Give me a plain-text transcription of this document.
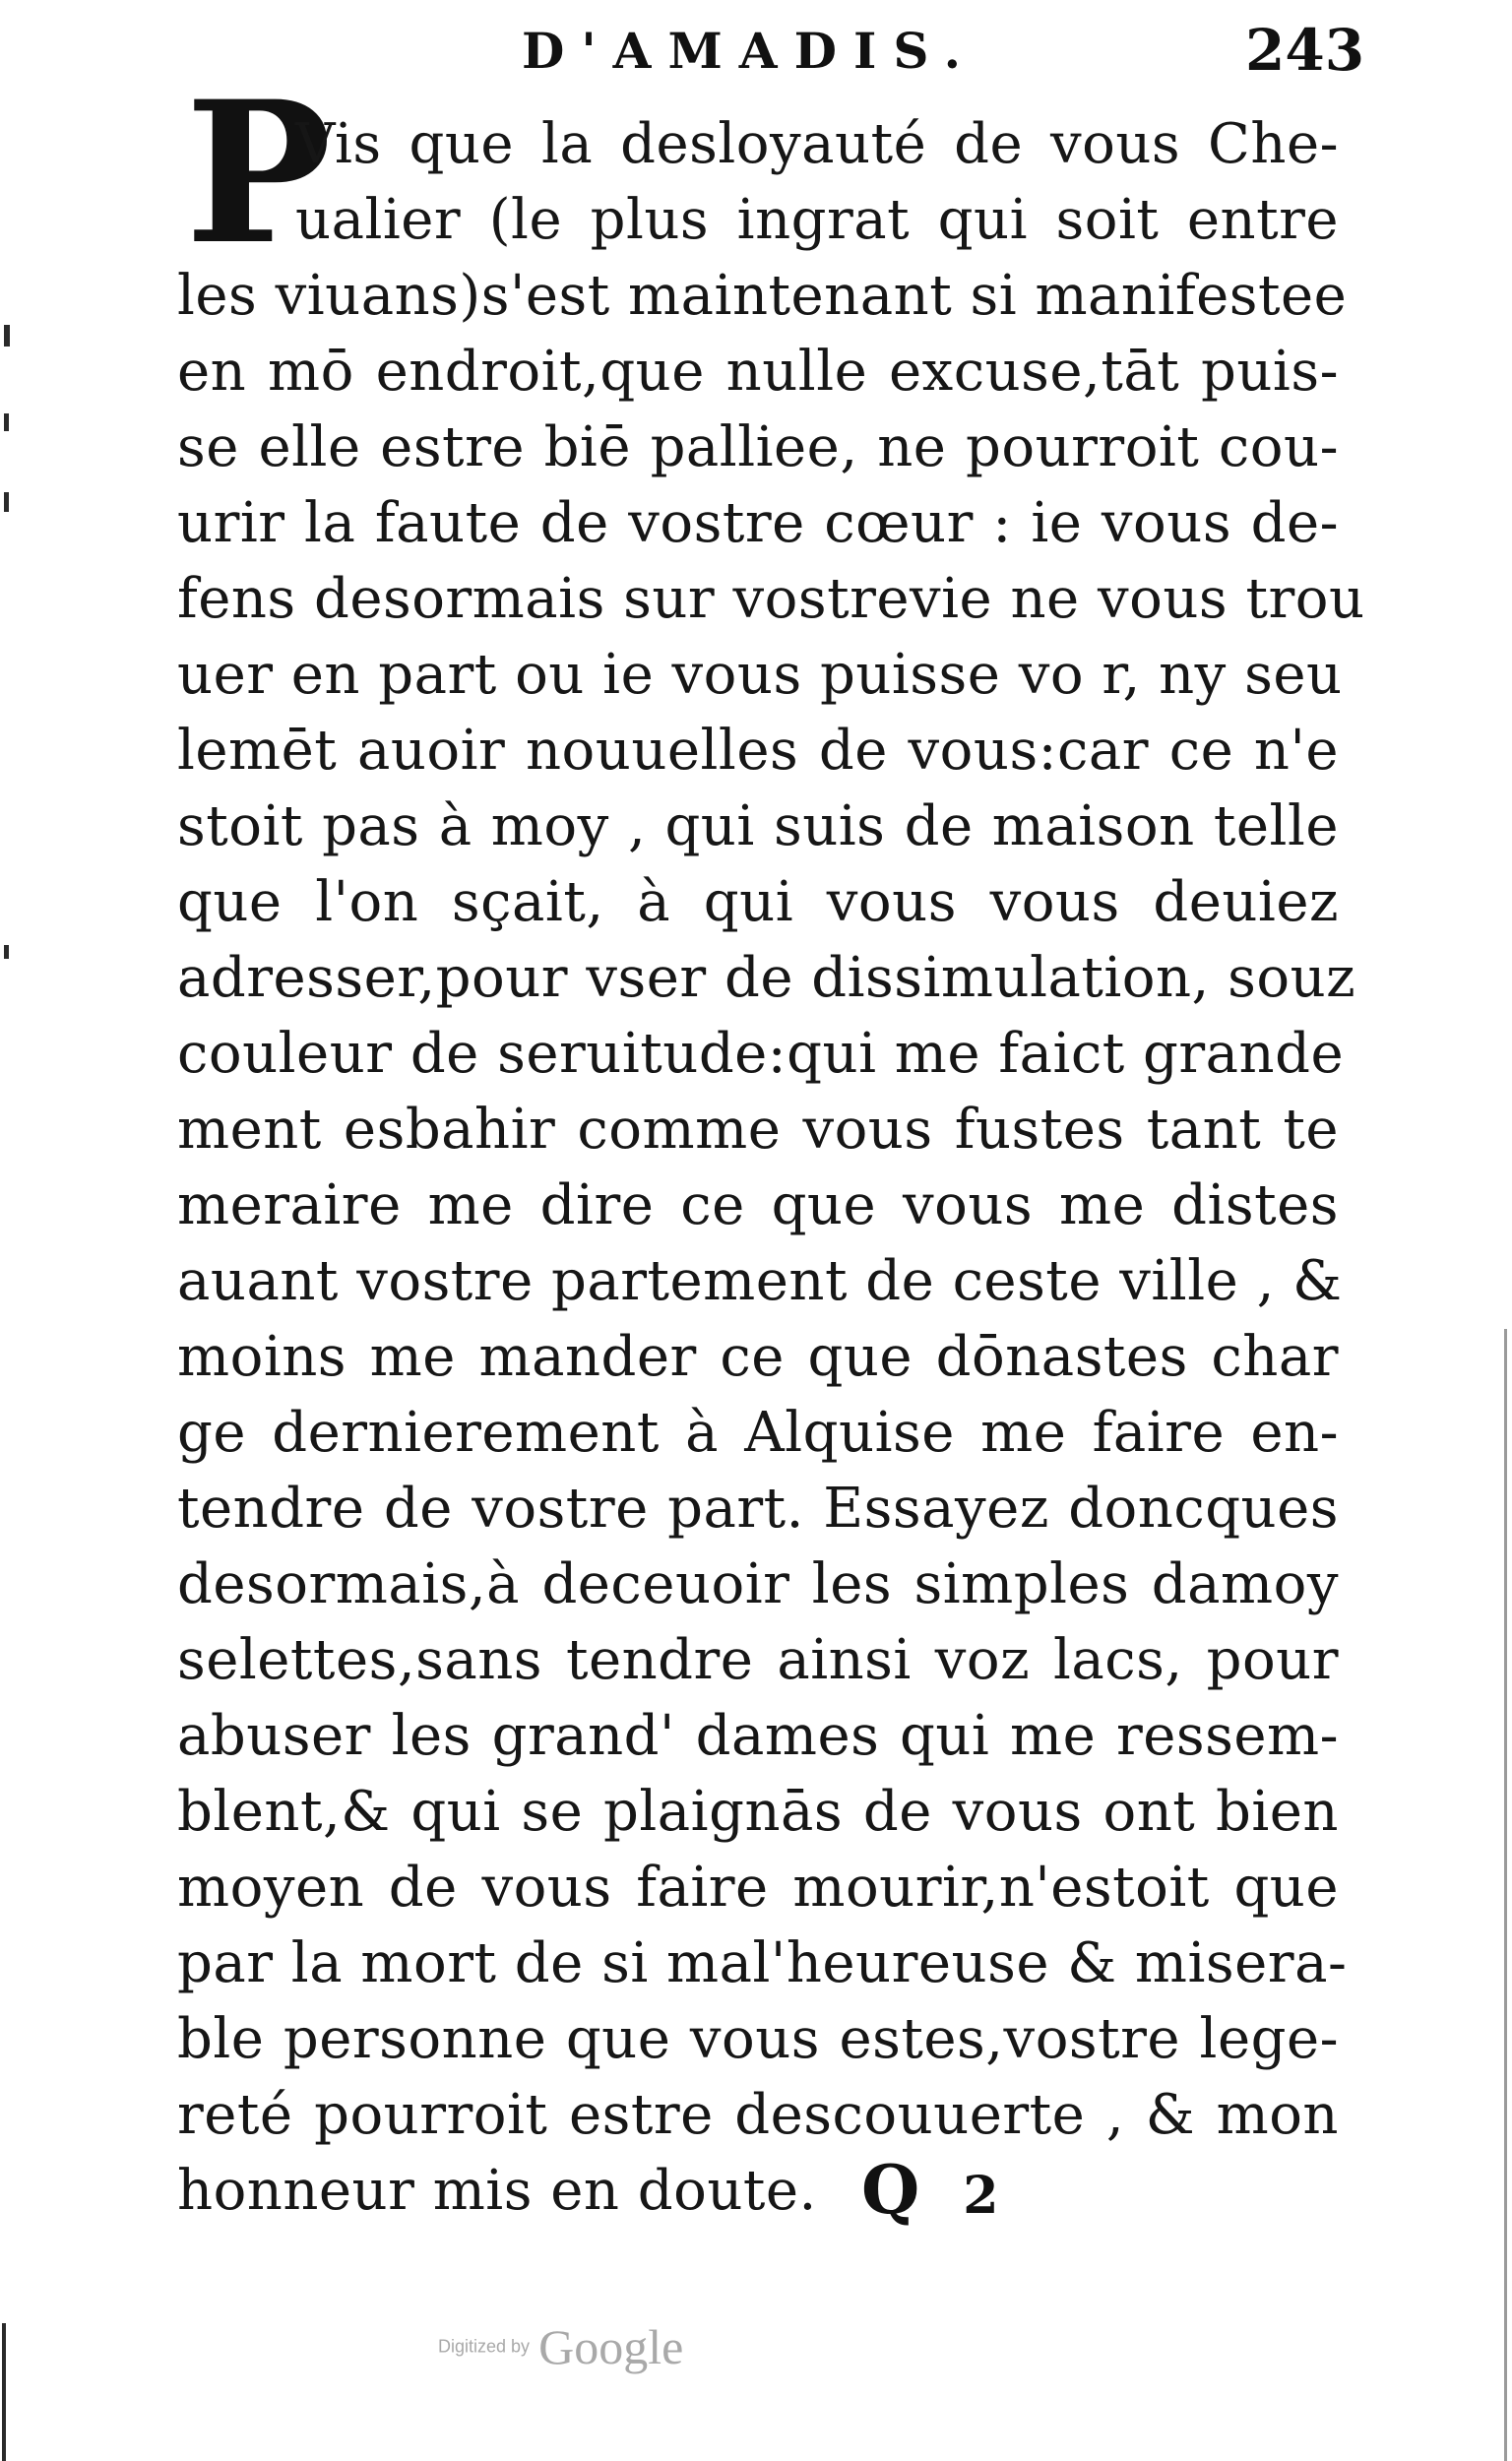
D'AMADIS.	243
P
Vis que la desloyauté de vous Che-
ualier (le plus ingrat qui soit entre
les viuans)s'est maintenant si manifestee
en mō endroit,que nulle excuse,tāt puis-
se elle estre biē palliee, ne pourroit cou-
urir la faute de vostre cœur : ie vous de-
fens desormais sur vostrevie ne vous trou
uer en part ou ie vous puisse vo r, ny seu
lemēt auoir nouuelles de vous:car ce n'e
stoit pas à moy , qui suis de maison telle
que l'on sçait, à qui vous vous deuiez
adresser,pour vser de dissimulation, souz
couleur de seruitude:qui me faict grande
ment esbahir comme vous fustes tant te
meraire me dire ce que vous me distes
auant vostre partement de ceste ville , &
moins me mander ce que dōnastes char
ge dernierement à Alquise me faire en-
tendre de vostre part. Essayez doncques
desormais,à deceuoir les simples damoy
selettes,sans tendre ainsi voz lacs, pour
abuser les grand' dames qui me ressem-
blent,& qui se plaignās de vous ont bien
moyen de vous faire mourir,n'estoit que
par la mort de si mal'heureuse & misera-
ble personne que vous estes,vostre lege-
reté pourroit estre descouuerte , & mon
honneur mis en doute. Q 2
Digitized by Google
